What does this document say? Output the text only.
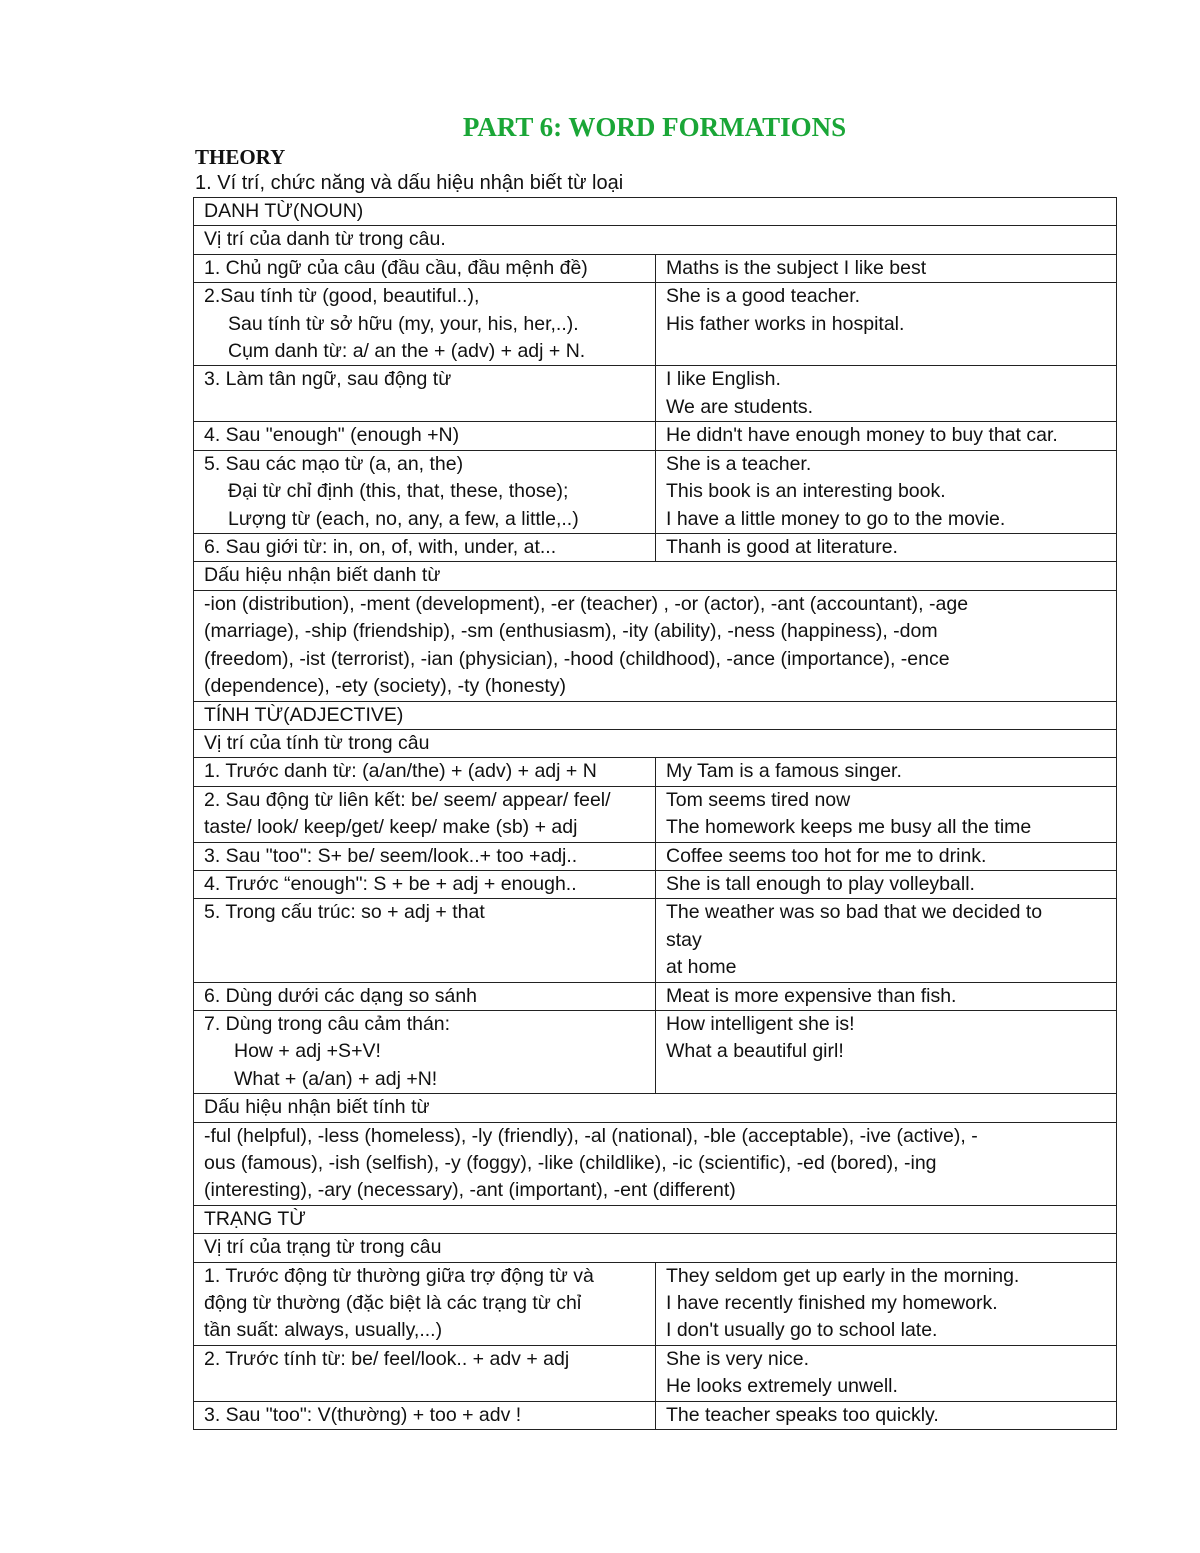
PART 6: WORD FORMATIONS
THEORY
1. Ví trí, chức năng và dấu hiệu nhận biết từ loại
DANH TỪ(NOUN)	
Vị trí của danh từ trong câu.	

1. Chủ ngữ của câu (đầu cầu, đầu mệnh đề)	Maths is the subject I like best

2.Sau tính từ (good, beautiful..),
Sau tính từ sở hữu (my, your, his, her,..).
Cụm danh từ: a/ an the + (adv) + adj + N.	She is a good teacher.
His father works in hospital.

3. Làm tân ngữ, sau động từ	I like English.
We are students.

4. Sau "enough" (enough +N)	He didn't have enough money to buy that car.

5. Sau các mạo từ (a, an, the)
Đại từ chỉ định (this, that, these, those);
Lượng từ (each, no, any, a few, a little,..)	She is a teacher.
This book is an interesting book.
I have a little money to go to the movie.

6. Sau giới từ: in, on, of, with, under, at...	Thanh is good at literature.

Dấu hiệu nhận biết danh từ	

-ion (distribution), -ment (development), -er (teacher) , -or (actor), -ant (accountant), -age
(marriage), -ship (friendship), -sm (enthusiasm), -ity (ability), -ness (happiness), -dom
(freedom), -ist (terrorist), -ian (physician), -hood (childhood), -ance (importance), -ence
(dependence), -ety (society), -ty (honesty)	

TÍNH TỪ(ADJECTIVE)	
Vị trí của tính từ trong câu	

1. Trước danh từ: (a/an/the) + (adv) + adj + N	My Tam is a famous singer.

2. Sau động từ liên kết: be/ seem/ appear/ feel/
taste/ look/ keep/get/ keep/ make (sb) + adj	Tom seems tired now
The homework keeps me busy all the time

3. Sau "too": S+ be/ seem/look..+ too +adj..	Coffee seems too hot for me to drink.

4. Trước “enough": S + be + adj + enough..	She is tall enough to play volleyball.

5. Trong cấu trúc: so + adj + that	The weather was so bad that we decided to
stay
at home

6. Dùng dưới các dạng so sánh	Meat is more expensive than fish.

7. Dùng trong câu cảm thán:
How + adj +S+V!
What + (a/an) + adj +N!	How intelligent she is!
What a beautiful girl!

Dấu hiệu nhận biết tính từ	

-ful (helpful), -less (homeless), -ly (friendly), -al (national), -ble (acceptable), -ive (active), -
ous (famous), -ish (selfish), -y (foggy), -like (childlike), -ic (scientific), -ed (bored), -ing
(interesting), -ary (necessary), -ant (important), -ent (different)	

TRẠNG TỪ	
Vị trí của trạng từ trong câu	

1. Trước động từ thường giữa trợ động từ và
động từ thường (đặc biệt là các trạng từ chỉ
tần suất: always, usually,...)	They seldom get up early in the morning.
I have recently finished my homework.
I don't usually go to school late.

2. Trước tính từ: be/ feel/look.. + adv + adj	She is very nice.
He looks extremely unwell.

3. Sau "too": V(thường) + too + adv !	The teacher speaks too quickly.
